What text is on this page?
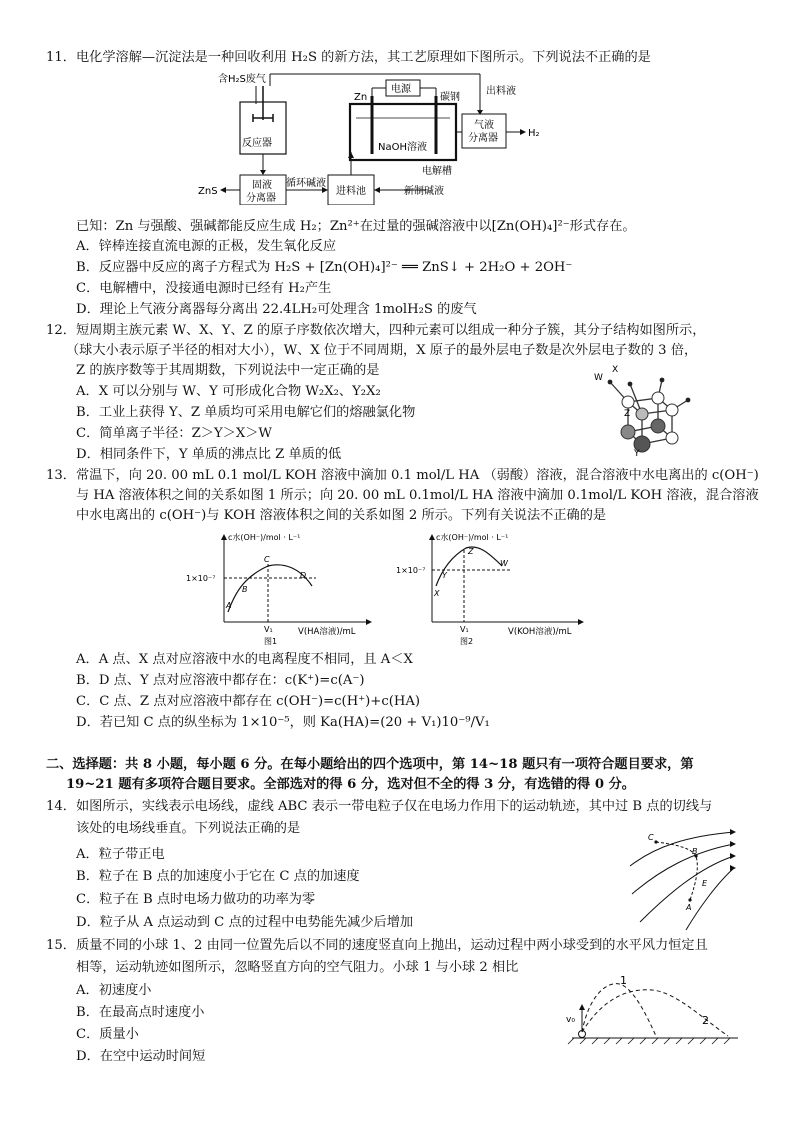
11．电化学溶解—沉淀法是一种回收利用 H₂S 的新方法，其工艺原理如下图所示。下列说法不正确的是
含H₂S废气
反应器
Zn	碳钢
电源
NaOH溶液
电解槽
出料液
气液
分离器	H₂
固液
分离器
ZnS
循环碱液
进料池	新制碱液
已知：Zn 与强酸、强碱都能反应生成 H₂；Zn²⁺在过量的强碱溶液中以[Zn(OH)₄]²⁻形式存在。
A．锌棒连接直流电源的正极，发生氧化反应
B．反应器中反应的离子方程式为 H₂S + [Zn(OH)₄]²⁻ ══ ZnS↓ + 2H₂O + 2OH⁻
C．电解槽中，没接通电源时已经有 H₂产生
D．理论上气液分离器每分离出 22.4LH₂可处理含 1molH₂S 的废气
12．短周期主族元素 W、X、Y、Z 的原子序数依次增大，四种元素可以组成一种分子簇，其分子结构如图所示，
（球大小表示原子半径的相对大小），W、X 位于不同周期，X 原子的最外层电子数是次外层电子数的 3 倍，
Z 的族序数等于其周期数，下列说法中一定正确的是
A．X 可以分别与 W、Y 可形成化合物 W₂X₂、Y₂X₂
B．工业上获得 Y、Z 单质均可采用电解它们的熔融氯化物
C．简单离子半径：Z＞Y＞X＞W
D．相同条件下，Y 单质的沸点比 Z 单质的低
W
X
Z
Y
13．常温下，向 20. 00 mL 0.1 mol/L KOH 溶液中滴加 0.1 mol/L HA （弱酸）溶液，混合溶液中水电离出的 c(OH⁻)
与 HA 溶液体积之间的关系如图 1 所示；向 20. 00 mL 0.1mol/L HA 溶液中滴加 0.1mol/L KOH 溶液，混合溶液
中水电离出的 c(OH⁻)与 KOH 溶液体积之间的关系如图 2 所示。下列有关说法不正确的是
c水(OH⁻)/mol · L⁻¹
1×10⁻⁷
V₁	V(HA溶液)/mL
图1
A
B
C
D
c水(OH⁻)/mol · L⁻¹
1×10⁻⁷
V₁	V(KOH溶液)/mL
图2
X
Y
Z
W
A．A 点、X 点对应溶液中水的电离程度不相同，且 A＜X
B．D 点、Y 点对应溶液中都存在：c(K⁺)=c(A⁻)
C．C 点、Z 点对应溶液中都存在 c(OH⁻)=c(H⁺)+c(HA)
D．若已知 C 点的纵坐标为 1×10⁻⁵，则 Ka(HA)=(20 + V₁)10⁻⁹/V₁
二、选择题：共 8 小题，每小题 6 分。在每小题给出的四个选项中，第 14~18 题只有一项符合题目要求，第
19~21 题有多项符合题目要求。全部选对的得 6 分，选对但不全的得 3 分，有选错的得 0 分。
14．如图所示，实线表示电场线，虚线 ABC 表示一带电粒子仅在电场力作用下的运动轨迹，其中过 B 点的切线与
该处的电场线垂直。下列说法正确的是
A．粒子带正电
B．粒子在 B 点的加速度小于它在 C 点的加速度
C．粒子在 B 点时电场力做功的功率为零
D．粒子从 A 点运动到 C 点的过程中电势能先减少后增加
C
B
E
A
15．质量不同的小球 1、2 由同一位置先后以不同的速度竖直向上抛出，运动过程中两小球受到的水平风力恒定且
相等，运动轨迹如图所示，忽略竖直方向的空气阻力。小球 1 与小球 2 相比
A．初速度小
B．在最高点时速度小
C．质量小
D．在空中运动时间短
v₀
1
2
